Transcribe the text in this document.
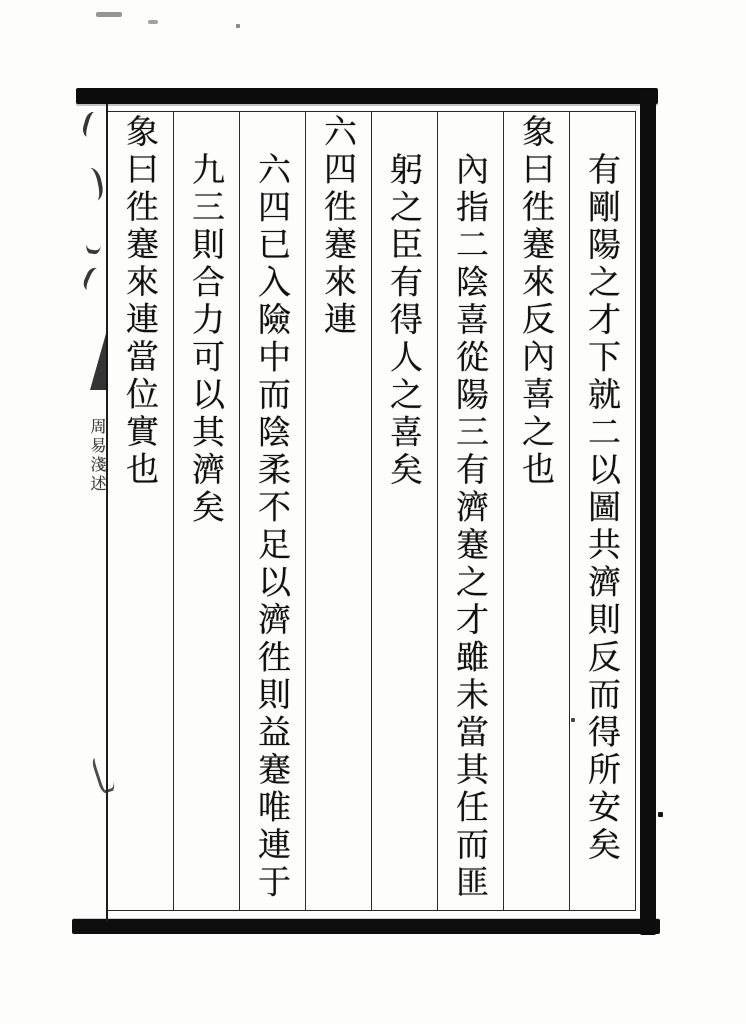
有剛陽之才下就二以圖共濟則反而得所安矣
象曰徃蹇來反內喜之也
內指二陰喜從陽三有濟蹇之才雖未當其任而匪
躬之臣有得人之喜矣
六四徃蹇來連
六四已入險中而陰柔不足以濟徃則益蹇唯連于
九三則合力可以其濟矣
象曰徃蹇來連當位實也
周易淺述
